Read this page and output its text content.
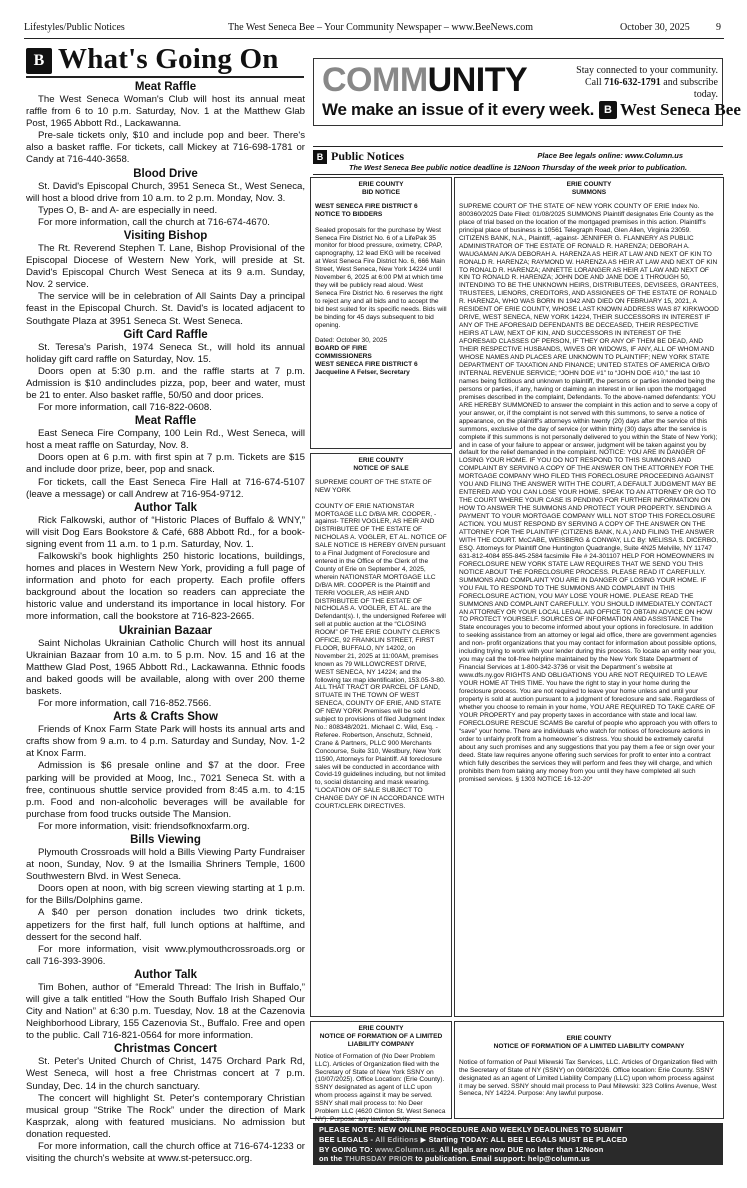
Lifestyles/Public Notices	The West Seneca Bee – Your Community Newspaper – www.BeeNews.com	October 30, 2025	9
B What's Going On
Meat Raffle

The West Seneca Woman's Club will host its annual meat raffle from 6 to 10 p.m. Saturday, Nov. 1 at the Matthew Glab Post, 1965 Abbott Rd., Lackawanna.

Pre-sale tickets only, $10 and include pop and beer. There's also a basket raffle. For tickets, call Mickey at 716-698-1781 or Candy at 716-440-3658.

Blood Drive

St. David's Episcopal Church, 3951 Seneca St., West Seneca, will host a blood drive from 10 a.m. to 2 p.m. Monday, Nov. 3.

Types O, B- and A- are especially in need.

For more information, call the church at 716-674-4670.

Visiting Bishop

The Rt. Reverend Stephen T. Lane, Bishop Provisional of the Episcopal Diocese of Western New York, will preside at St. David's Episcopal Church West Seneca at its 9 a.m. Sunday, Nov. 2 service.

The service will be in celebration of All Saints Day a principal feast in the Episcopal Church. St. David's is located adjacent to Southgate Plaza at 3951 Seneca St. West Seneca.

Gift Card Raffle

St. Teresa's Parish, 1974 Seneca St., will hold its annual holiday gift card raffle on Saturday, Nov. 15.

Doors open at 5:30 p.m. and the raffle starts at 7 p.m. Admission is $10 andincludes pizza, pop, beer and water, must be 21 to enter. Also basket raffle, 50/50 and door prices.

For more information, call 716-822-0608.

Meat Raffle

East Seneca Fire Company, 100 Lein Rd., West Seneca, will host a meat raffle on Saturday, Nov. 8.

Doors open at 6 p.m. with first spin at 7 p.m. Tickets are $15 and include door prize, beer, pop and snack.

For tickets, call the East Seneca Fire Hall at 716-674-5107 (leave a message) or call Andrew at 716-954-9712.

Author Talk

Rick Falkowski, author of “Historic Places of Buffalo & WNY,” will visit Dog Ears Bookstore & Café, 688 Abbott Rd., for a book-signing event from 11 a.m. to 1 p.m. Saturday, Nov. 1.

Falkowski's book highlights 250 historic locations, buildings, homes and places in Western New York, providing a full page of information and photo for each property. Each profile offers background about the location so readers can appreciate the historic value and understand its importance in local history. For more information, call the bookstore at 716-823-2665.

Ukrainian Bazaar

Saint Nicholas Ukrainian Catholic Church will host its annual Ukrainian Bazaar from 10 a.m. to 5 p.m. Nov. 15 and 16 at the Matthew Glad Post, 1965 Abbott Rd., Lackawanna. Ethnic foods and baked goods will be available, along with over 200 theme baskets.

For more information, call 716-852.7566.

Arts & Crafts Show

Friends of Knox Farm State Park will hosts its annual arts and crafts show from 9 a.m. to 4 p.m. Saturday and Sunday, Nov. 1-2 at Knox Farm.

Admission is $6 presale online and $7 at the door. Free parking will be provided at Moog, Inc., 7021 Seneca St. with a free, continuous shuttle service provided from 8:45 a.m. to 4:15 p.m. Food and non-alcoholic beverages will be available for purchase from food trucks outside The Mansion.

For more information, visit: friendsofknoxfarm.org.

Bills Viewing

Plymouth Crossroads will hold a Bills Viewing Party Fundraiser at noon, Sunday, Nov. 9 at the Ismailia Shriners Temple, 1600 Southwestern Blvd. in West Seneca.

Doors open at noon, with big screen viewing starting at 1 p.m. for the Bills/Dolphins game.

A $40 per person donation includes two drink tickets, appetizers for the first half, full lunch options at halftime, and dessert for the second half.

For more information, visit www.plymouthcrossroads.org or call 716-393-3906.

Author Talk

Tim Bohen, author of “Emerald Thread: The Irish in Buffalo,” will give a talk entitled “How the South Buffalo Irish Shaped Our City and Nation” at 6:30 p.m. Tuesday, Nov. 18 at the Cazenovia Neighborhood Library, 155 Cazenovia St., Buffalo. Free and open to the public. Call 716-821-0564 for more information.

Christmas Concert

St. Peter's United Church of Christ, 1475 Orchard Park Rd, West Seneca, will host a free Christmas concert at 7 p.m. Sunday, Dec. 14 in the church sanctuary.

The concert will highlight St. Peter's contemporary Christian musical group “Strike The Rock” under the direction of Mark Kasprzak, along with featured musicians. No admission but donation requested.

For more information, call the church office at 716-674-1233 or visiting the church's website at www.st-petersucc.org.

COMMUNITY	Stay connected to your community.
Call 716-632-1791 and subscribe today.
We make an issue of it every week. B West Seneca Bee
B Public Notices	Place Bee legals online: www.Column.us
The West Seneca Bee public notice deadline is 12Noon Thursday of the week prior to publication.
ERIE COUNTY
BID NOTICE

WEST SENECA FIRE DISTRICT 6

NOTICE TO BIDDERS

Sealed proposals for the purchase by West Seneca Fire District No. 6 of a LifePak 35 monitor for blood pressure, oximetry, CPAP, capnography, 12 lead EKG will be received at West Seneca Fire District No. 6, 666 Main Street, West Seneca, New York 14224 until November 6, 2025 at 6:00 PM at which time they will be publicly read aloud. West Seneca Fire District No. 6 reserves the right to reject any and all bids and to accept the bid best suited for its specific needs. Bids will be binding for 45 days subsequent to bid opening.

Dated: October 30, 2025

BOARD OF FIRE

COMMISSIONERS

WEST SENECA FIRE DISTRICT 6

Jacqueline A Felser, Secretary

ERIE COUNTY
NOTICE OF SALE

SUPREME COURT OF THE STATE OF NEW YORK

COUNTY OF ERIE NATIONSTAR MORTGAGE LLC D/B/A MR. COOPER, -against- TERRI VOGLER, AS HEIR AND DISTRIBUTEE OF THE ESTATE OF NICHOLAS A. VOGLER, ET AL. NOTICE OF SALE NOTICE IS HEREBY GIVEN pursuant to a Final Judgment of Foreclosure and entered in the Office of the Clerk of the County of Erie on September 4, 2025, wherein NATIONSTAR MORTGAGE LLC D/B/A MR. COOPER is the Plaintiff and TERRI VOGLER, AS HEIR AND DISTRIBUTEE OF THE ESTATE OF NICHOLAS A. VOGLER, ET AL. are the Defendant(s). I, the undersigned Referee will sell at public auction at the “CLOSING ROOM” OF THE ERIE COUNTY CLERK'S OFFICE, 92 FRANKLIN STREET, FIRST FLOOR, BUFFALO, NY 14202, on November 21, 2025 at 11:00AM, premises known as 79 WILLOWCREST DRIVE, WEST SENECA, NY 14224; and the following tax map identification, 153.05-3-80. ALL THAT TRACT OR PARCEL OF LAND, SITUATE IN THE TOWN OF WEST SENECA, COUNTY OF ERIE, AND STATE OF NEW YORK Premises will be sold subject to provisions of filed Judgment Index No.: 808348/2021. Michael C. Wild, Esq. - Referee. Robertson, Anschutz, Schneid, Crane & Partners, PLLC 900 Merchants Concourse, Suite 310, Westbury, New York 11590, Attorneys for Plaintiff. All foreclosure sales will be conducted in accordance with Covid-19 guidelines including, but not limited to, social distancing and mask wearing. “LOCATION OF SALE SUBJECT TO CHANGE DAY OF IN ACCORDANCE WITH COURT/CLERK DIRECTIVES.

ERIE COUNTY
SUMMONS

SUPREME COURT OF THE STATE OF NEW YORK COUNTY OF ERIE Index No. 800360/2025 Date Filed: 01/08/2025 SUMMONS Plaintiff designates Erie County as the place of trial based on the location of the mortgaged premises in this action. Plaintiff's principal place of business is 10561 Telegraph Road, Glen Allen, Virginia 23059. CITIZENS BANK, N.A., Plaintiff, -against- JENNIFER G. FLANNERY AS PUBLIC ADMINISTRATOR OF THE ESTATE OF RONALD R. HARENZA; DEBORAH A. WAUGAMAN A/K/A DEBORAH A. HARENZA AS HEIR AT LAW AND NEXT OF KIN TO RONALD R. HARENZA; RAYMOND W. HARENZA AS HEIR AT LAW AND NEXT OF KIN TO RONALD R. HARENZA; ANNETTE LORANGER AS HEIR AT LAW AND NEXT OF KIN TO RONALD R. HARENZA; JOHN DOE AND JANE DOE 1 THROUGH 50, INTENDING TO BE THE UNKNOWN HEIRS, DISTRIBUTEES, DEVISEES, GRANTEES, TRUSTEES, LIENORS, CREDITORS, AND ASSIGNEES OF THE ESTATE OF RONALD R. HARENZA, WHO WAS BORN IN 1942 AND DIED ON FEBRUARY 15, 2021, A RESIDENT OF ERIE COUNTY, WHOSE LAST KNOWN ADDRESS WAS 87 KIRKWOOD DRIVE, WEST SENECA, NEW YORK 14224, THEIR SUCCESSORS IN INTEREST IF ANY OF THE AFORESAID DEFENDANTS BE DECEASED, THEIR RESPECTIVE HEIRS AT LAW, NEXT OF KIN, AND SUCCESSORS IN INTEREST OF THE AFORESAID CLASSES OF PERSON, IF THEY OR ANY OF THEM BE DEAD, AND THEIR RESPECTIVE HUSBANDS, WIVES OR WIDOWS, IF ANY, ALL OF WHOM AND WHOSE NAMES AND PLACES ARE UNKNOWN TO PLAINTIFF; NEW YORK STATE DEPARTMENT OF TAXATION AND FINANCE; UNITED STATES OF AMERICA O/B/O INTERNAL REVENUE SERVICE; “JOHN DOE #1” to “JOHN DOE #10,” the last 10 names being fictitious and unknown to plaintiff, the persons or parties intended being the persons or parties, if any, having or claiming an interest in or lien upon the mortgaged premises described in the complaint, Defendants. To the above-named defendants: YOU ARE HEREBY SUMMONED to answer the complaint in this action and to serve a copy of your answer, or, if the complaint is not served with this summons, to serve a notice of appearance, on the plaintiff's attorneys within twenty (20) days after the service of this summons, exclusive of the day of service (or within thirty (30) days after the service is complete if this summons is not personally delivered to you within the State of New York); and in case of your failure to appear or answer, judgment will be taken against you by default for the relief demanded in the complaint. NOTICE: YOU ARE IN DANGER OF LOSING YOUR HOME. IF YOU DO NOT RESPOND TO THIS SUMMONS AND COMPLAINT BY SERVING A COPY OF THE ANSWER ON THE ATTORNEY FOR THE MORTGAGE COMPANY WHO FILED THIS FORECLOSURE PROCEEDING AGAINST YOU AND FILING THE ANSWER WITH THE COURT, A DEFAULT JUDGMENT MAY BE ENTERED AND YOU CAN LOSE YOUR HOME. SPEAK TO AN ATTORNEY OR GO TO THE COURT WHERE YOUR CASE IS PENDING FOR FURTHER INFORMATION ON HOW TO ANSWER THE SUMMONS AND PROTECT YOUR PROPERTY. SENDING A PAYMENT TO YOUR MORTGAGE COMPANY WILL NOT STOP THIS FORECLOSURE ACTION. YOU MUST RESPOND BY SERVING A COPY OF THE ANSWER ON THE ATTORNEY FOR THE PLAINTIFF (CITIZENS BANK, N.A.) AND FILING THE ANSWER WITH THE COURT. McCABE, WEISBERG & CONWAY, LLC By: MELISSA S. DICERBO, ESQ. Attorneys for Plaintiff One Huntington Quadrangle, Suite 4N25 Melville, NY 11747 631-812-4084 855-845-2584 facsimile File # 24-301107 HELP FOR HOMEOWNERS IN FORECLOSURE NEW YORK STATE LAW REQUIRES THAT WE SEND YOU THIS NOTICE ABOUT THE FORECLOSURE PROCESS. PLEASE READ IT CAREFULLY. SUMMONS AND COMPLAINT YOU ARE IN DANGER OF LOSING YOUR HOME. IF YOU FAIL TO RESPOND TO THE SUMMONS AND COMPLAINT IN THIS FORECLOSURE ACTION, YOU MAY LOSE YOUR HOME. PLEASE READ THE SUMMONS AND COMPLAINT CAREFULLY. YOU SHOULD IMMEDIATELY CONTACT AN ATTORNEY OR YOUR LOCAL LEGAL AID OFFICE TO OBTAIN ADVICE ON HOW TO PROTECT YOURSELF. SOURCES OF INFORMATION AND ASSISTANCE The State encourages you to become informed about your options in foreclosure. In addition to seeking assistance from an attorney or legal aid office, there are government agencies and non- profit organizations that you may contact for information about possible options, including trying to work with your lender during this process. To locate an entity near you, you may call the toll-free helpline maintained by the New York State Department of Financial Services at 1-800-342-3736 or visit the Department`s website at www.dfs.ny.gov RIGHTS AND OBLIGATIONS YOU ARE NOT REQUIRED TO LEAVE YOUR HOME AT THIS TIME. You have the right to stay in your home during the foreclosure process. You are not required to leave your home unless and until your property is sold at auction pursuant to a judgment of foreclosure and sale. Regardless of whether you choose to remain in your home, YOU ARE REQUIRED TO TAKE CARE OF YOUR PROPERTY and pay property taxes in accordance with state and local law. FORECLOSURE RESCUE SCAMS Be careful of people who approach you with offers to “save” your home. There are individuals who watch for notices of foreclosure actions in order to unfairly profit from a homeowner`s distress. You should be extremely careful about any such promises and any suggestions that you pay them a fee or sign over your deed. State law requires anyone offering such services for profit to enter into a contract which fully describes the services they will perform and fees they will charge, and which prohibits them from taking any money from you until they have completed all such promised services. § 1303 NOTICE 16-12-20*

ERIE COUNTY
NOTICE OF FORMATION OF A LIMITED LIABILITY COMPANY

Notice of Formation of (No Deer Problem LLC). Articles of Organization filed with the Secretary of State of New York SSNY on (10/07/2025). Office Location: (Erie County). SSNY designated as agent of LLC upon whom process against it may be served. SSNY shall mail process to: No Deer Problem LLC (4620 Clinton St. West Seneca NY). Purpose: any lawful activity.

ERIE COUNTY
NOTICE OF FORMATION OF A LIMITED LIABILITY COMPANY

Notice of formation of Paul Milewski Tax Services, LLC. Articles of Organization filed with the Secretary of State of NY (SSNY) on 09/08/2026. Office location: Erie County. SSNY designated as an agent of Limited Liability Company (LLC) upon whom process against it may be served. SSNY should mail process to Paul Milewski: 323 Collins Avenue, West Seneca, NY 14224. Purpose: Any lawful purpose.

PLEASE NOTE: NEW ONLINE PROCEDURE AND WEEKLY DEADLINES TO SUBMIT
BEE LEGALS - All Editions ▶ Starting TODAY: ALL BEE LEGALS MUST BE PLACED
BY GOING TO: www.Column.us. All legals are now DUE no later than 12Noon
on the THURSDAY PRIOR to publication. Email support: help@column.us
